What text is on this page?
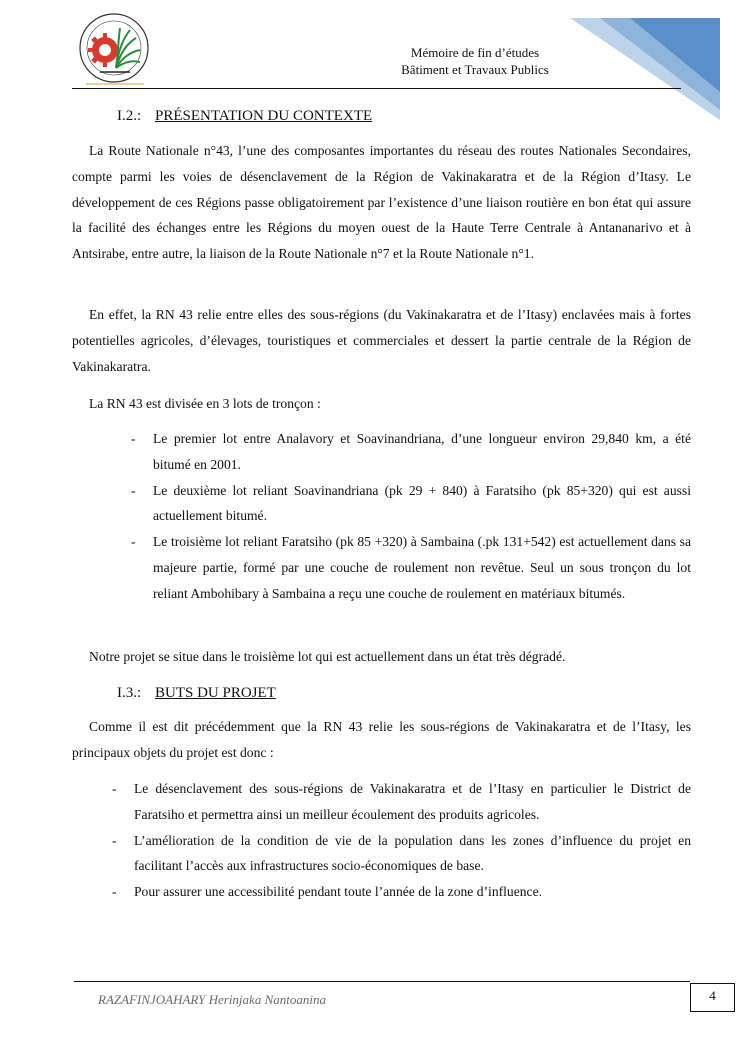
Mémoire de fin d’études
Bâtiment et Travaux Publics
I.2.: PRÉSENTATION DU CONTEXTE

La Route Nationale n°43, l’une des composantes importantes du réseau des routes Nationales Secondaires, compte parmi les voies de désenclavement de la Région de Vakinakaratra et de la Région d’Itasy. Le développement de ces Régions passe obligatoirement par l’existence d’une liaison routière en bon état qui assure la facilité des échanges entre les Régions du moyen ouest de la Haute Terre Centrale à Antananarivo et à Antsirabe, entre autre, la liaison de la Route Nationale n°7 et la Route Nationale n°1.

En effet, la RN 43 relie entre elles des sous-régions (du Vakinakaratra et de l’Itasy) enclavées mais à fortes potentielles agricoles, d’élevages, touristiques et commerciales et dessert la partie centrale de la Région de Vakinakaratra.

La RN 43 est divisée en 3 lots de tronçon :

- Le premier lot entre Analavory et Soavinandriana, d’une longueur environ 29,840 km, a été bitumé en 2001.
- Le deuxième lot reliant Soavinandriana (pk 29 + 840) à Faratsiho (pk 85+320) qui est aussi actuellement bitumé.
- Le troisième lot reliant Faratsiho (pk 85 +320) à Sambaina (.pk 131+542) est actuellement dans sa majeure partie, formé par une couche de roulement non revêtue. Seul un sous tronçon du lot reliant Ambohibary à Sambaina a reçu une couche de roulement en matériaux bitumés.

Notre projet se situe dans le troisième lot qui est actuellement dans un état très dégradé.

I.3.: BUTS DU PROJET

Comme il est dit précédemment que la RN 43 relie les sous-régions de Vakinakaratra et de l’Itasy, les principaux objets du projet est donc :

- Le désenclavement des sous-régions de Vakinakaratra et de l’Itasy en particulier le District de Faratsiho et permettra ainsi un meilleur écoulement des produits agricoles.
- L’amélioration de la condition de vie de la population dans les zones d’influence du projet en facilitant l’accès aux infrastructures socio-économiques de base.
- Pour assurer une accessibilité pendant toute l’année de la zone d’influence.
RAZAFINJOAHARY Herinjaka Nantoanina	4
